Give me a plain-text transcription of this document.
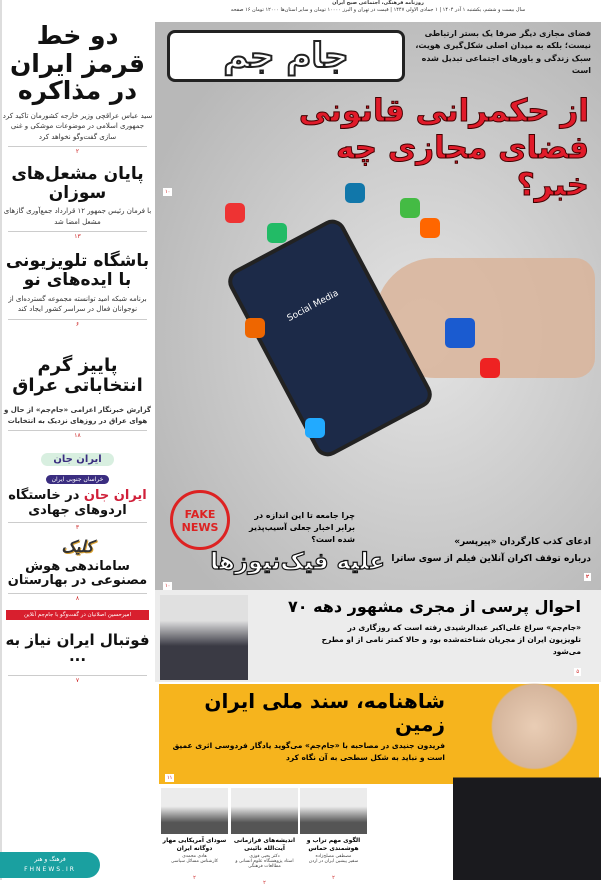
دو خط قرمز ایران در مذاکره
سید عباس عراقچی وزیر خارجه کشورمان تاکید کرد جمهوری اسلامی در موضوعات موشکی و غنی سازی گفت‌وگو نخواهد کرد
۲
پایان مشعل‌های سوزان
با فرمان رئیس جمهور ۱۲ قرارداد جمع‌آوری گازهای مشعل امضا شد
۱۳
باشگاه تلویزیونی با ایده‌های نو
برنامه شبکه امید توانسته مجموعه گسترده‌ای از نوجوانان فعال در سراسر کشور ایجاد کند
۶
پاییز گرم انتخاباتی عراق
گزارش خبرنگار اعزامی «جام‌جم» از حال و هوای عراق در روزهای نزدیک به انتخابات
۱۸
ایران جان
خراسان جنوبی ایران
ایران جان در خاستگاه اردوهای جهادی
۳
کلیک
ساماندهی هوش مصنوعی در بهارستان
۸
امیرحسین اصلانیان در گفت‌وگو با جام‌جم آنلاین
فوتبال ایران نیاز به ...
۷
فرهنگ و هنر
FHNEWS.IR
روزنامه فرهنگی، اجتماعی صبح ایران
سال بیست و ششم، یکشنبه ۱ آذر ۱۴۰۴ | ۱ جمادی الاولی ۱۴۴۷ | قیمت در تهران و البرز ۱۰۰۰۰ تومان و سایر استان‌ها ۱۲۰۰۰ تومان ۱۶ صفحه
جام جم
فضای مجازی دیگر صرفا یک بستر ارتباطی نیست؛ بلکه به میدان اصلی شکل‌گیری هویت، سبک زندگی و باورهای اجتماعی تبدیل شده است
از حکمرانی قانونی فضای مجازی چه خبر؟
Social Media
۱۰
FAKE NEWS
چرا جامعه تا این اندازه در برابر اخبار جعلی آسیب‌پذیر شده است؟
علیه فیک‌نیوزها
۱۰
ادعای کذب کارگردان «پیرپسر»
درباره توقف اکران آنلاین فیلم از سوی ساترا
۲
احوال پرسی از مجری مشهور دهه ۷۰
«جام‌جم» سراغ علی‌اکبر عبدالرشیدی رفته است که روزگاری در تلویزیون ایران از مجریان شناخته‌شده بود و حالا کمتر نامی از او مطرح می‌شود
۵
شاهنامه، سند ملی ایران زمین
فریدون جنیدی در مصاحبه با «جام‌جم» می‌گوید یادگار فردوسی اثری عمیق است و نباید به شکل سطحی به آن نگاه کرد
۱۱
الگوی مهم تراب و هوشمندی حماس
مصطفی مصلح‌زاده
سفیر پیشین ایران در اردن
۲
اندیشه‌های فرازمانی آیت‌الله نائینی
دکتر یحیی فوزی
استاد پژوهشگاه علوم انسانی و مطالعات فرهنگی
۲
سودای آمریکایی مهار دوگانه ایران
هادی محمدی
کارشناس مسائل سیاسی
۲
